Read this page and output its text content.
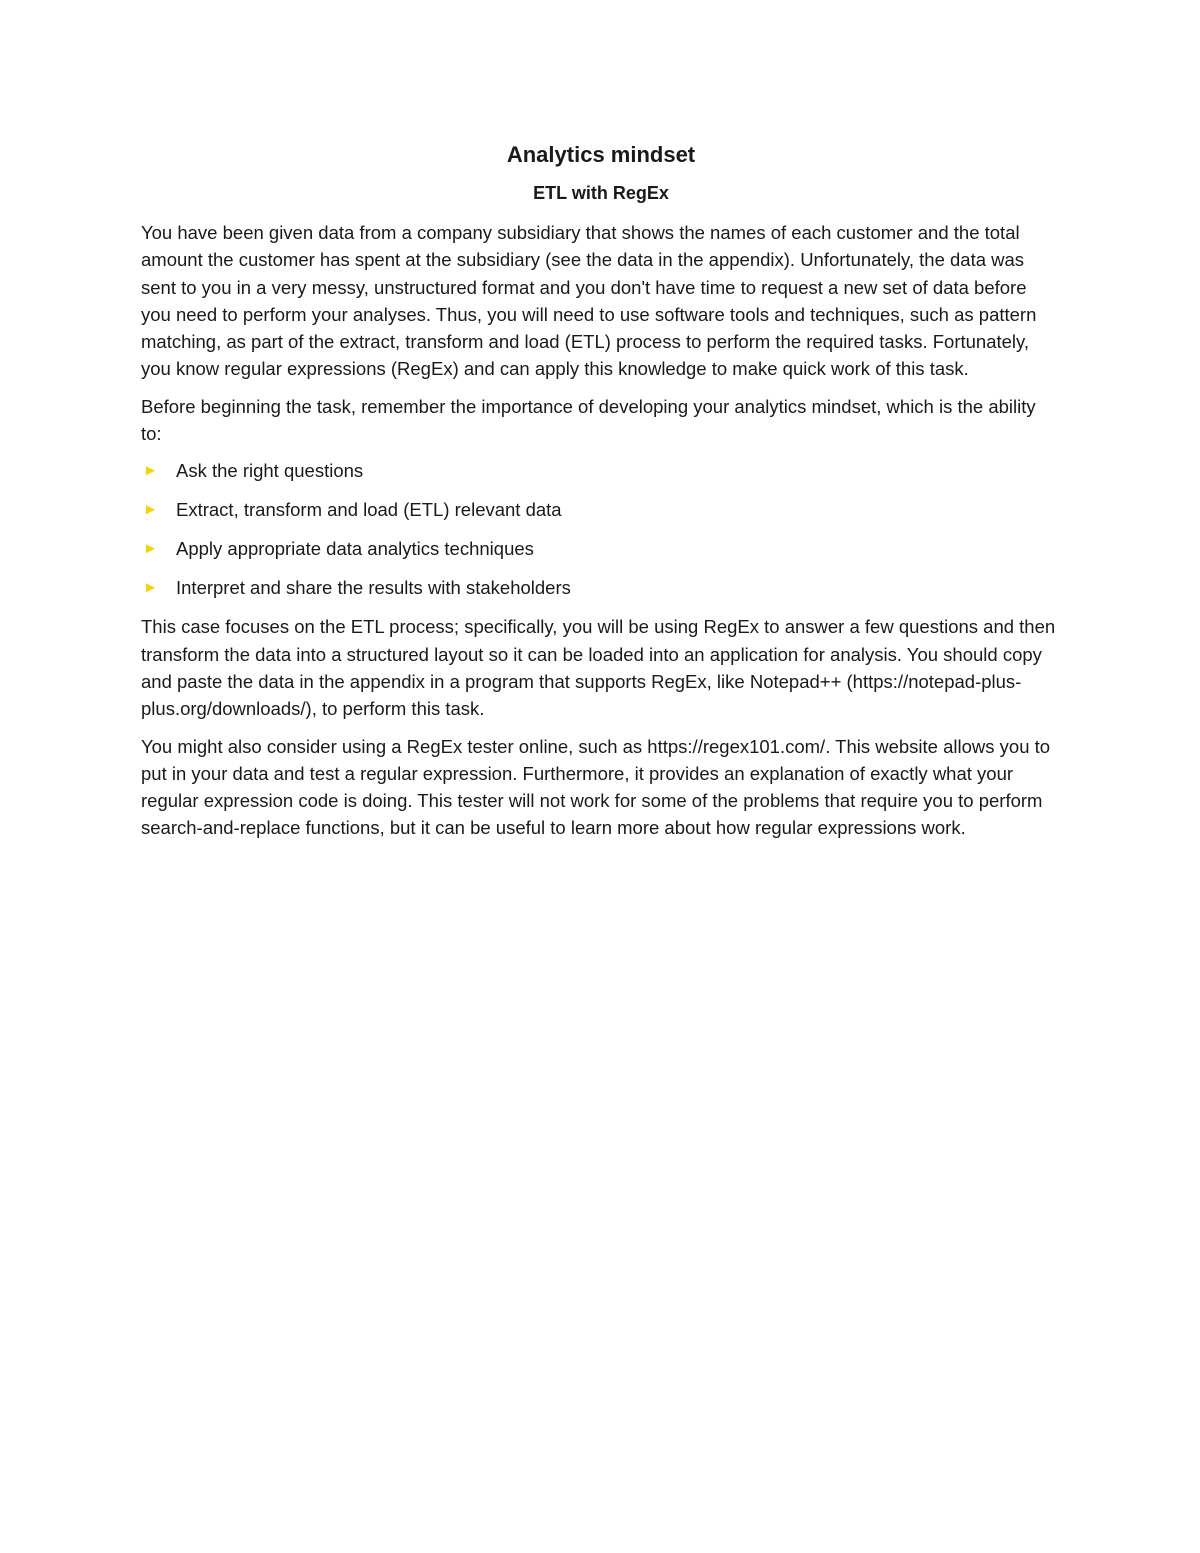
Analytics mindset
ETL with RegEx

You have been given data from a company subsidiary that shows the names of each customer and the total amount the customer has spent at the subsidiary (see the data in the appendix). Unfortunately, the data was sent to you in a very messy, unstructured format and you don't have time to request a new set of data before you need to perform your analyses. Thus, you will need to use software tools and techniques, such as pattern matching, as part of the extract, transform and load (ETL) process to perform the required tasks. Fortunately, you know regular expressions (RegEx) and can apply this knowledge to make quick work of this task.

Before beginning the task, remember the importance of developing your analytics mindset, which is the ability to:

► Ask the right questions
► Extract, transform and load (ETL) relevant data
► Apply appropriate data analytics techniques
► Interpret and share the results with stakeholders

This case focuses on the ETL process; specifically, you will be using RegEx to answer a few questions and then transform the data into a structured layout so it can be loaded into an application for analysis. You should copy and paste the data in the appendix in a program that supports RegEx, like Notepad++ (https://notepad-plus-plus.org/downloads/), to perform this task.

You might also consider using a RegEx tester online, such as https://regex101.com/. This website allows you to put in your data and test a regular expression. Furthermore, it provides an explanation of exactly what your regular expression code is doing. This tester will not work for some of the problems that require you to perform search-and-replace functions, but it can be useful to learn more about how regular expressions work.
